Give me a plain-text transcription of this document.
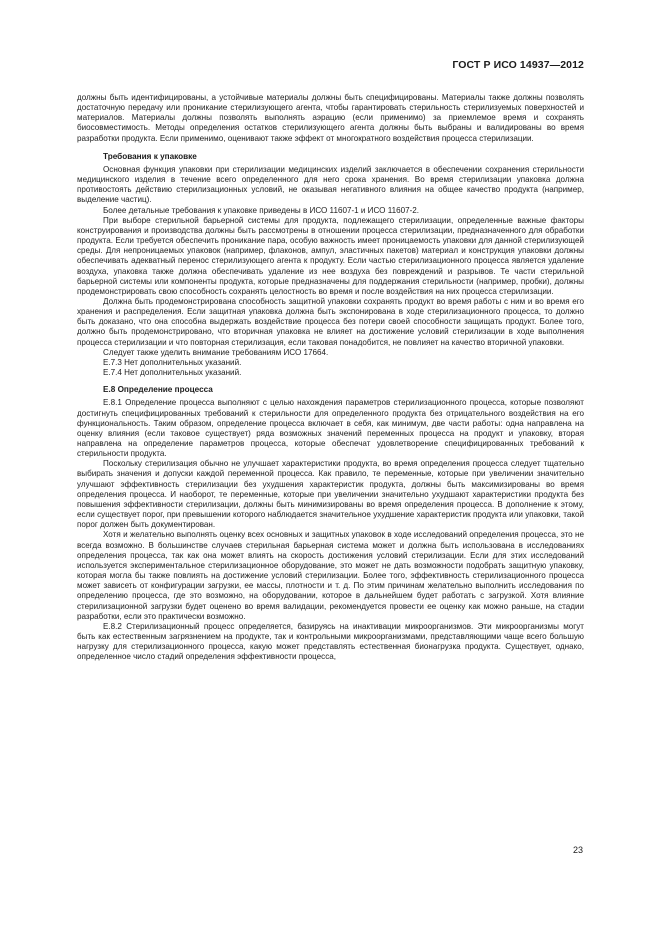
ГОСТ Р ИСО 14937—2012

должны быть идентифицированы, а устойчивые материалы должны быть специфицированы. Материалы также должны позволять достаточную передачу или проникание стерилизующего агента, чтобы гарантировать стерильность стерилизуемых поверхностей и материалов. Материалы должны позволять выполнять аэрацию (если применимо) за приемлемое время и сохранять биосовместимость. Методы определения остатков стерилизующего агента должны быть выбраны и валидированы во время разработки продукта. Если применимо, оценивают также эффект от многократного воздействия процесса стерилизации.

Требования к упаковке

Основная функция упаковки при стерилизации медицинских изделий заключается в обеспечении сохранения стерильности медицинского изделия в течение всего определенного для него срока хранения. Во время стерилизации упаковка должна противостоять действию стерилизационных условий, не оказывая негативного влияния на общее качество продукта (например, выделение частиц).

Более детальные требования к упаковке приведены в ИСО 11607-1 и ИСО 11607-2.

При выборе стерильной барьерной системы для продукта, подлежащего стерилизации, определенные важные факторы конструирования и производства должны быть рассмотрены в отношении процесса стерилизации, предназначенного для обработки продукта. Если требуется обеспечить проникание пара, особую важность имеет проницаемость упаковки для данной стерилизующей среды. Для непроницаемых упаковок (например, флаконов, ампул, эластичных пакетов) материал и конструкция упаковки должны обеспечивать адекватный перенос стерилизующего агента к продукту. Если частью стерилизационного процесса является удаление воздуха, упаковка также должна обеспечивать удаление из нее воздуха без повреждений и разрывов. Те части стерильной барьерной системы или компоненты продукта, которые предназначены для поддержания стерильности (например, пробки), должны продемонстрировать свою способность сохранять целостность во время и после воздействия на них процесса стерилизации.

Должна быть продемонстрирована способность защитной упаковки сохранять продукт во время работы с ним и во время его хранения и распределения. Если защитная упаковка должна быть экспонирована в ходе стерилизационного процесса, то должно быть доказано, что она способна выдержать воздействие процесса без потери своей способности защищать продукт. Более того, должно быть продемонстрировано, что вторичная упаковка не влияет на достижение условий стерилизации в ходе выполнения процесса стерилизации и что повторная стерилизация, если таковая понадобится, не повлияет на качество вторичной упаковки.

Следует также уделить внимание требованиям ИСО 17664.

Е.7.3 Нет дополнительных указаний.

Е.7.4 Нет дополнительных указаний.

Е.8 Определение процесса

Е.8.1 Определение процесса выполняют с целью нахождения параметров стерилизационного процесса, которые позволяют достигнуть специфицированных требований к стерильности для определенного продукта без отрицательного воздействия на его функциональность. Таким образом, определение процесса включает в себя, как минимум, две части работы: одна направлена на оценку влияния (если таковое существует) ряда возможных значений переменных процесса на продукт и упаковку, вторая направлена на определение параметров процесса, которые обеспечат удовлетворение специфицированных требований к стерильности продукта.

Поскольку стерилизация обычно не улучшает характеристики продукта, во время определения процесса следует тщательно выбирать значения и допуски каждой переменной процесса. Как правило, те переменные, которые при увеличении значительно улучшают эффективность стерилизации без ухудшения характеристик продукта, должны быть максимизированы во время определения процесса. И наоборот, те переменные, которые при увеличении значительно ухудшают характеристики продукта без повышения эффективности стерилизации, должны быть минимизированы во время определения процесса. В дополнение к этому, если существует порог, при превышении которого наблюдается значительное ухудшение характеристик продукта или упаковки, такой порог должен быть документирован.

Хотя и желательно выполнять оценку всех основных и защитных упаковок в ходе исследований определения процесса, это не всегда возможно. В большинстве случаев стерильная барьерная система может и должна быть использована в исследованиях определения процесса, так как она может влиять на скорость достижения условий стерилизации. Если для этих исследований используется экспериментальное стерилизационное оборудование, это может не дать возможности подобрать защитную упаковку, которая могла бы также повлиять на достижение условий стерилизации. Более того, эффективность стерилизационного процесса может зависеть от конфигурации загрузки, ее массы, плотности и т. д. По этим причинам желательно выполнить исследования по определению процесса, где это возможно, на оборудовании, которое в дальнейшем будет работать с загрузкой. Хотя влияние стерилизационной загрузки будет оценено во время валидации, рекомендуется провести ее оценку как можно раньше, на стадии разработки, если это практически возможно.

Е.8.2 Стерилизационный процесс определяется, базируясь на инактивации микроорганизмов. Эти микроорганизмы могут быть как естественным загрязнением на продукте, так и контрольными микроорганизмами, представляющими чаще всего большую нагрузку для стерилизационного процесса, какую может представлять естественная бионагрузка продукта. Существует, однако, определенное число стадий определения эффективности процесса,

23
